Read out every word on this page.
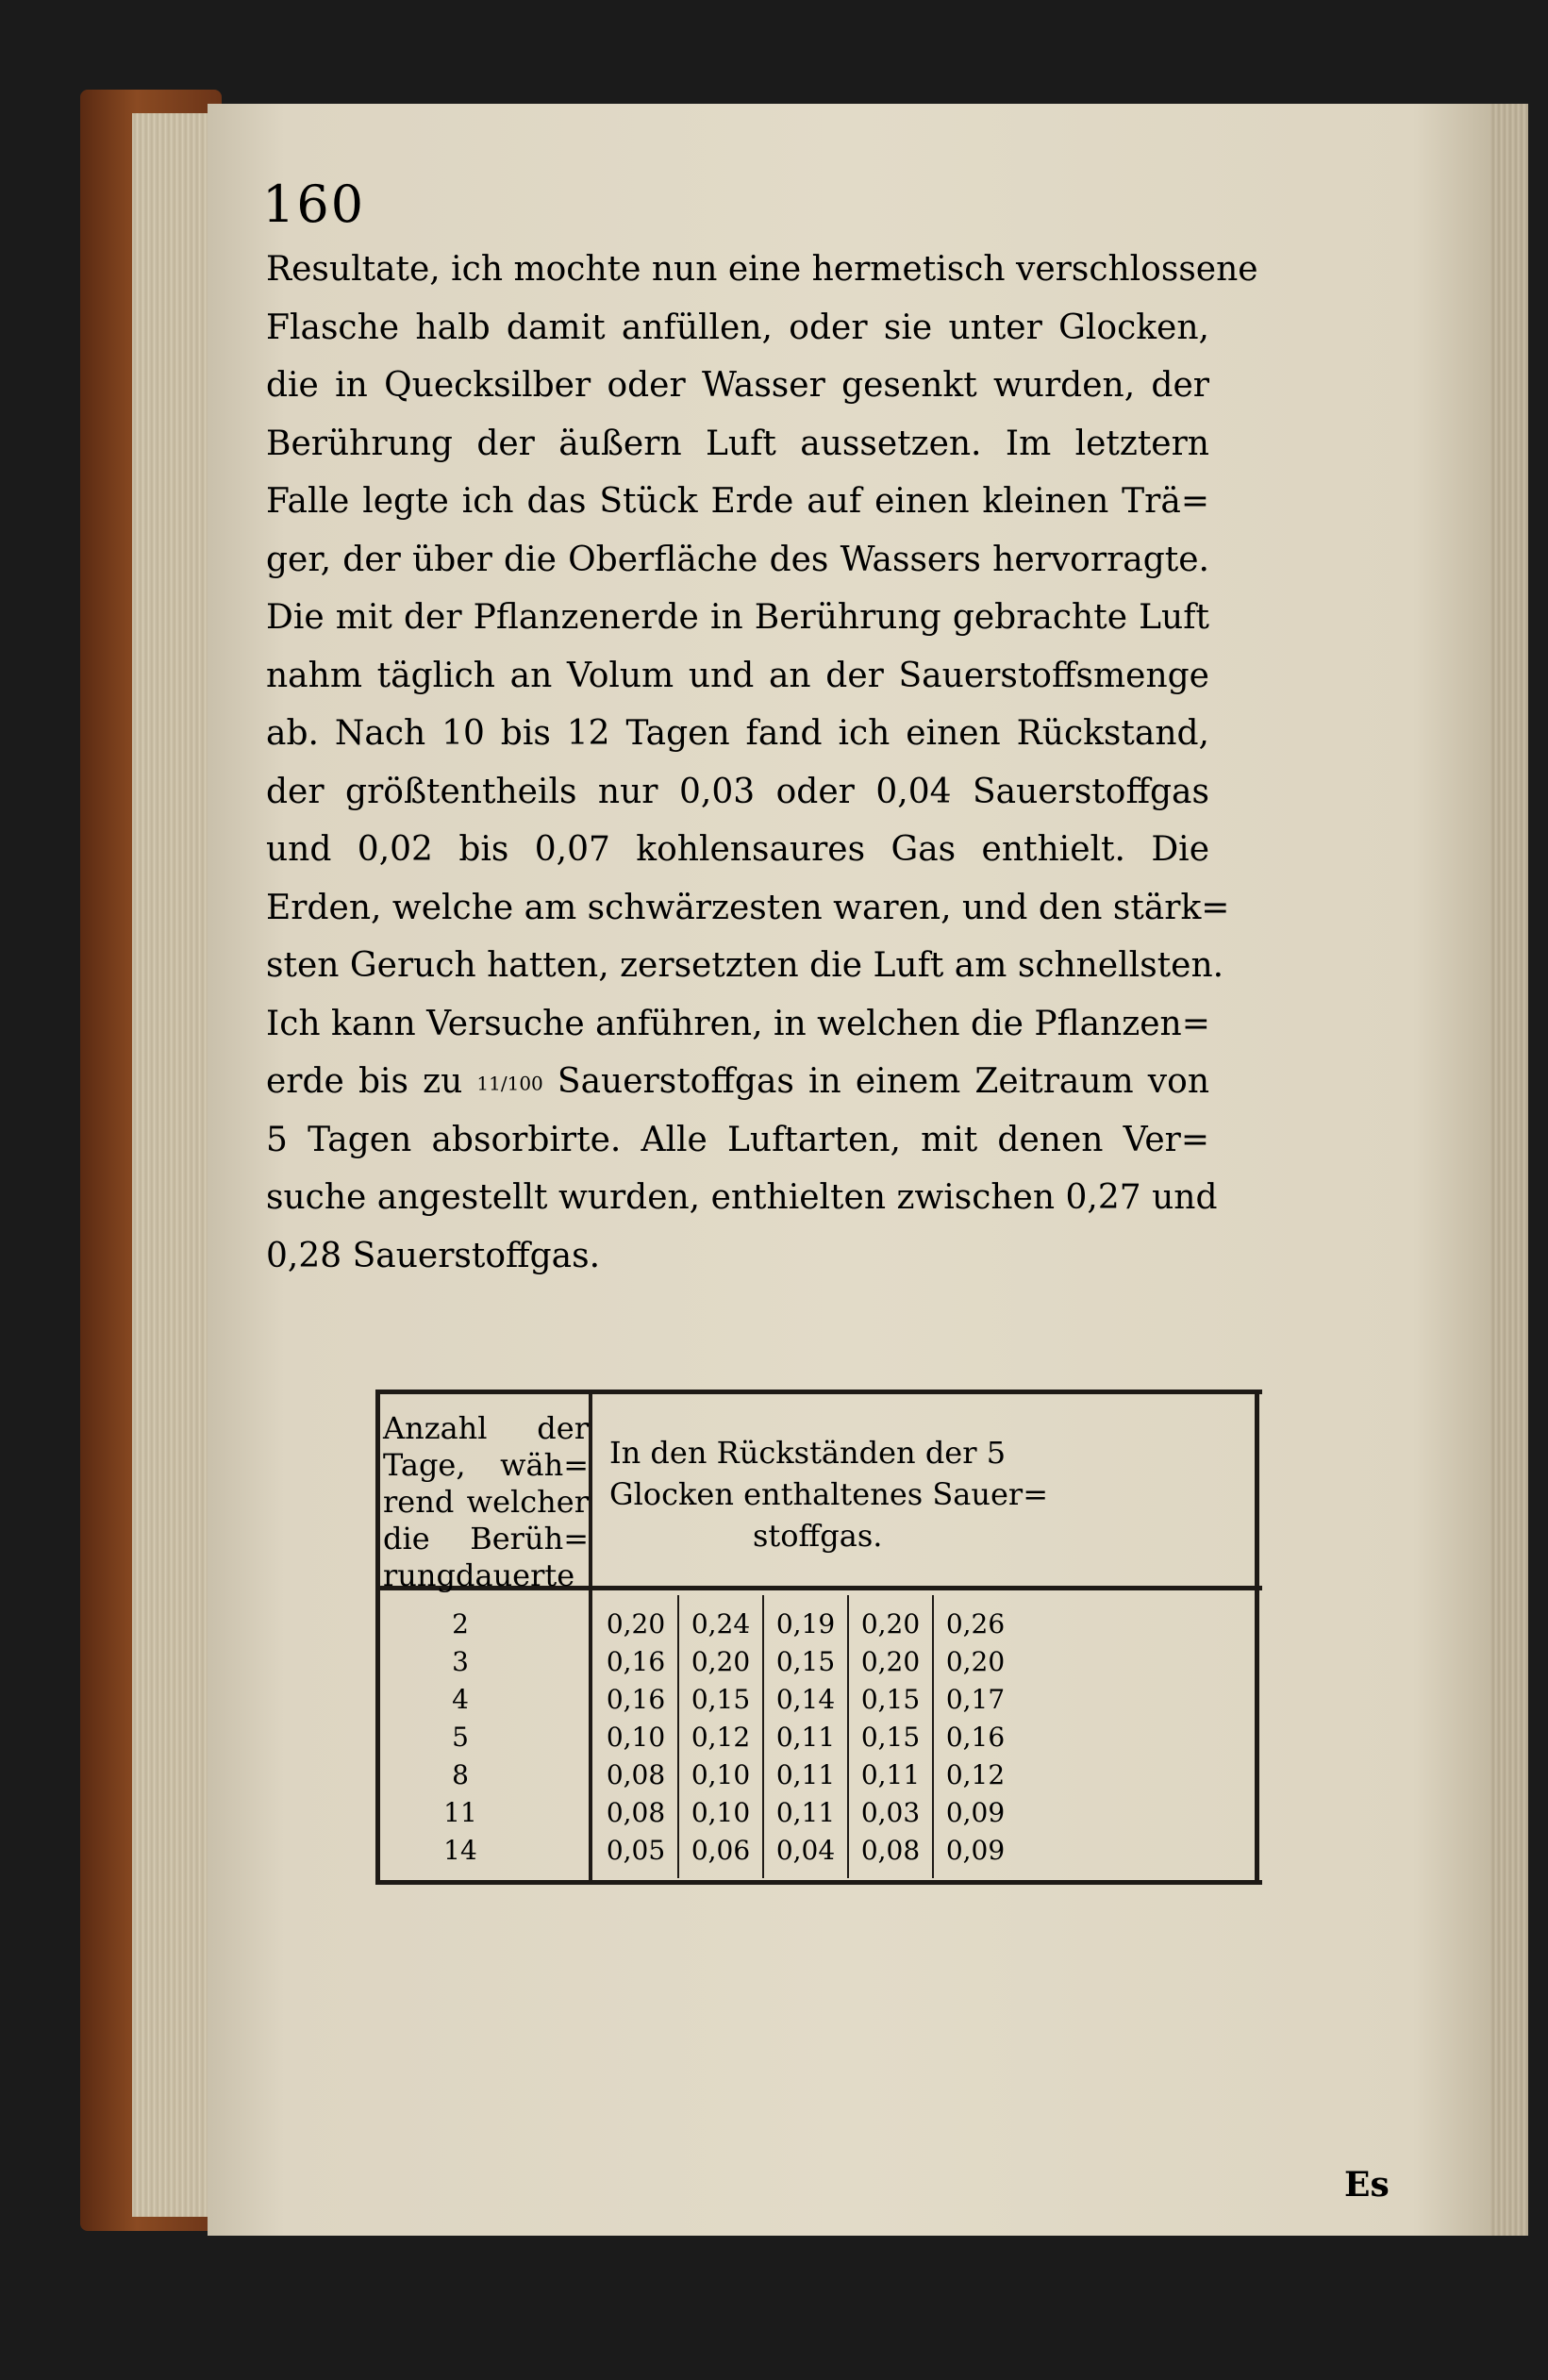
160
Resultate, ich mochte nun eine hermetisch verschlossene
Flasche halb damit anfüllen, oder sie unter Glocken,
die in Quecksilber oder Wasser gesenkt wurden, der
Berührung der äußern Luft aussetzen. Im letztern
Falle legte ich das Stück Erde auf einen kleinen Trä=
ger, der über die Oberfläche des Wassers hervorragte.
Die mit der Pflanzenerde in Berührung gebrachte Luft
nahm täglich an Volum und an der Sauerstoffsmenge
ab. Nach 10 bis 12 Tagen fand ich einen Rückstand,
der größtentheils nur 0,03 oder 0,04 Sauerstoffgas
und 0,02 bis 0,07 kohlensaures Gas enthielt. Die
Erden, welche am schwärzesten waren, und den stärk=
sten Geruch hatten, zersetzten die Luft am schnellsten.
Ich kann Versuche anführen, in welchen die Pflanzen=
erde bis zu 11/100 Sauerstoffgas in einem Zeitraum von
5 Tagen absorbirte. Alle Luftarten, mit denen Ver=
suche angestellt wurden, enthielten zwischen 0,27 und
0,28 Sauerstoffgas.
Anzahl der
Tage, wäh=
rend welcher
die Berüh=
rungdauerte
In den Rückständen der 5
Glocken enthaltenes Sauer=
stoffgas.
2
3
4
5
8
11
14
0,20 0,24 0,19 0,20 0,26
0,16 0,20 0,15 0,20 0,20
0,16 0,15 0,14 0,15 0,17
0,10 0,12 0,11 0,15 0,16
0,08 0,10 0,11 0,11 0,12
0,08 0,10 0,11 0,03 0,09
0,05 0,06 0,04 0,08 0,09
Es
